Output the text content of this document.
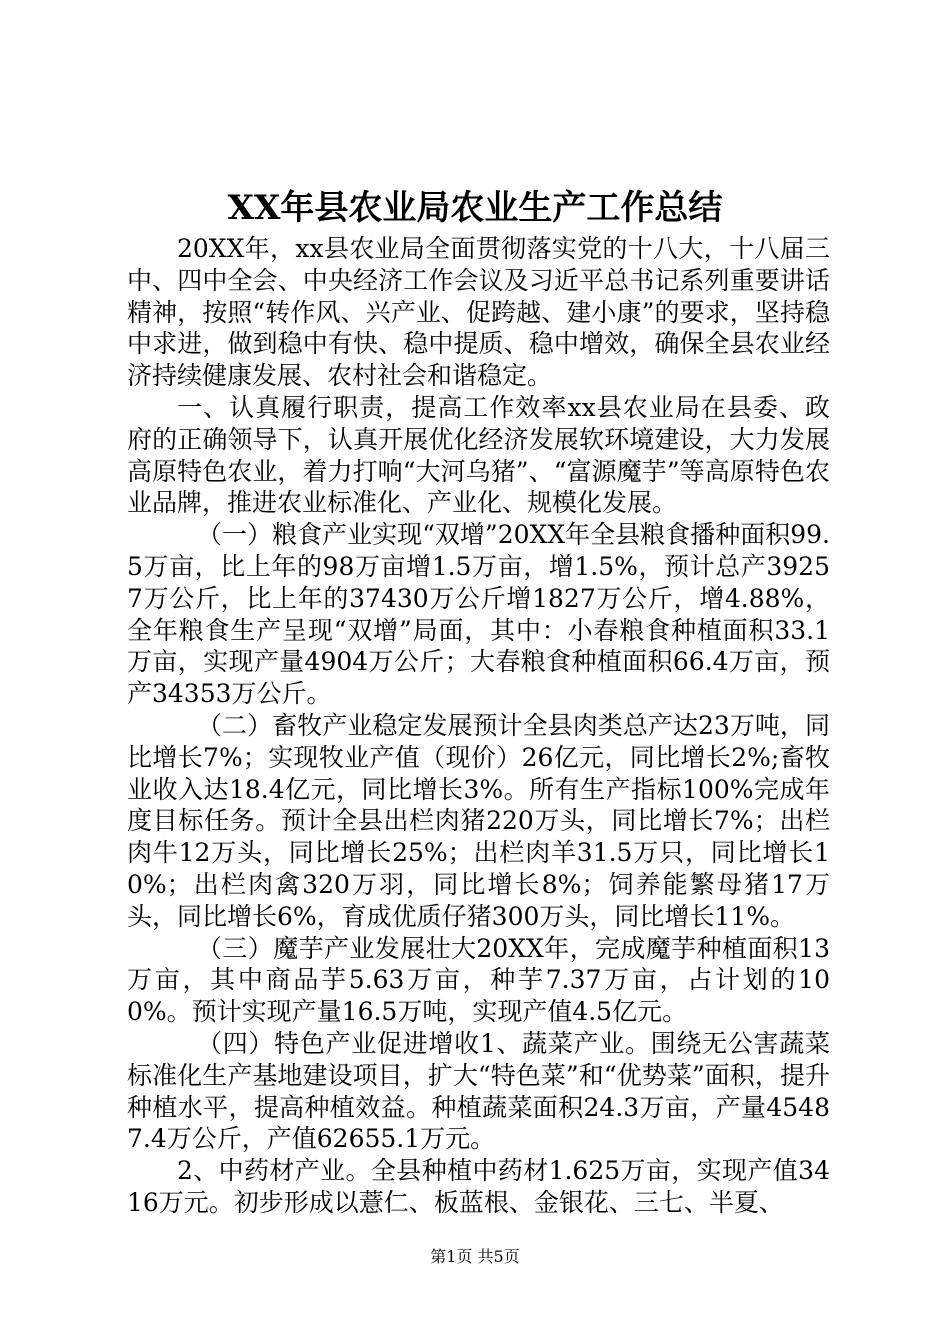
XX年县农业局农业生产工作总结

20XX年，xx县农业局全面贯彻落实党的十八大，十八届三中、四中全会、中央经济工作会议及习近平总书记系列重要讲话精神，按照“转作风、兴产业、促跨越、建小康”的要求，坚持稳中求进，做到稳中有快、稳中提质、稳中增效，确保全县农业经济持续健康发展、农村社会和谐稳定。

一、认真履行职责，提高工作效率xx县农业局在县委、政府的正确领导下，认真开展优化经济发展软环境建设，大力发展高原特色农业，着力打响“大河乌猪”、“富源魔芋”等高原特色农业品牌，推进农业标准化、产业化、规模化发展。

（一）粮食产业实现“双增”20XX年全县粮食播种面积99.5万亩，比上年的98万亩增1.5万亩，增1.5%，预计总产39257万公斤，比上年的37430万公斤增1827万公斤，增4.88%，全年粮食生产呈现“双增”局面，其中：小春粮食种植面积33.1万亩，实现产量4904万公斤；大春粮食种植面积66.4万亩，预产34353万公斤。

（二）畜牧产业稳定发展预计全县肉类总产达23万吨，同比增长7%；实现牧业产值（现价）26亿元，同比增长2%;畜牧业收入达18.4亿元，同比增长3%。所有生产指标100%完成年度目标任务。预计全县出栏肉猪220万头，同比增长7%；出栏肉牛12万头，同比增长25%；出栏肉羊31.5万只，同比增长10%；出栏肉禽320万羽，同比增长8%；饲养能繁母猪17万头，同比增长6%，育成优质仔猪300万头，同比增长11%。

（三）魔芋产业发展壮大20XX年，完成魔芋种植面积13万亩，其中商品芋5.63万亩，种芋7.37万亩，占计划的100%。预计实现产量16.5万吨，实现产值4.5亿元。

（四）特色产业促进增收1、蔬菜产业。围绕无公害蔬菜标准化生产基地建设项目，扩大“特色菜”和“优势菜”面积，提升种植水平，提高种植效益。种植蔬菜面积24.3万亩，产量45487.4万公斤，产值62655.1万元。

2、中药材产业。全县种植中药材1.625万亩，实现产值3416万元。初步形成以薏仁、板蓝根、金银花、三七、半夏、

第1页 共5页
